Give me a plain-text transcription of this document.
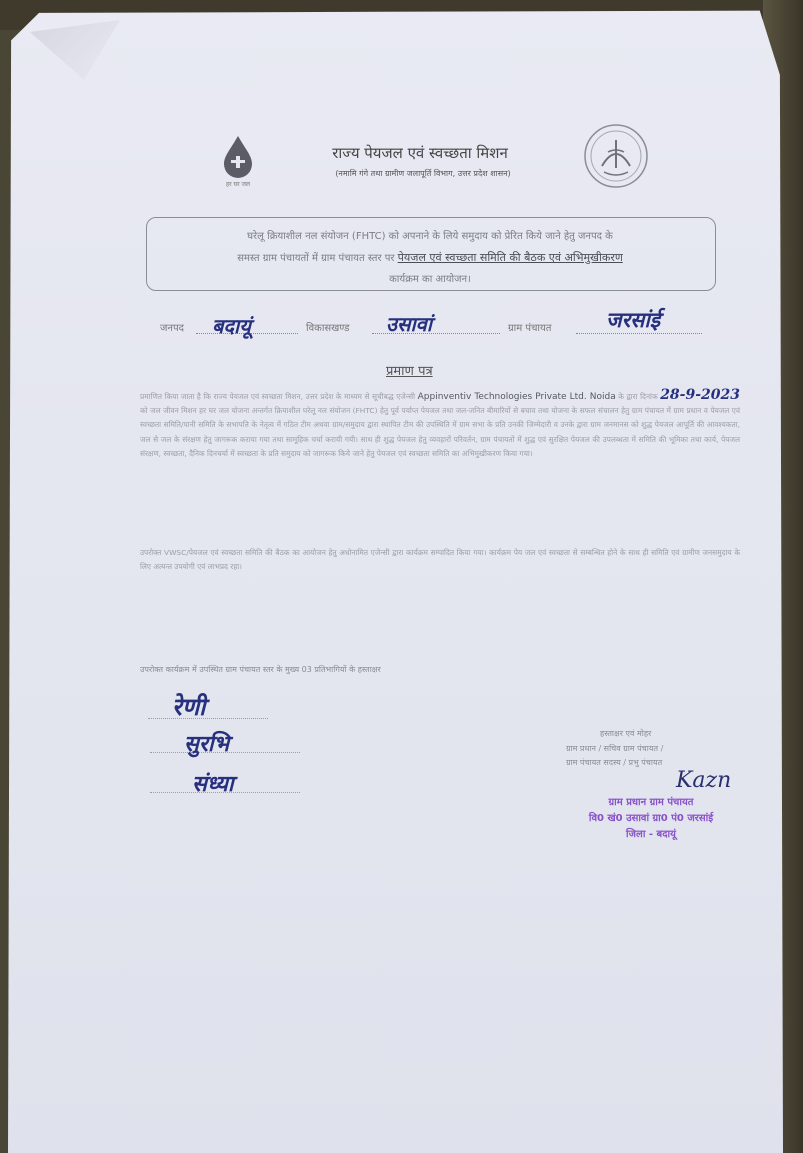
हर घर जल
राज्य पेयजल एवं स्वच्छता मिशन
(नमामि गंगे तथा ग्रामीण जलापूर्ति विभाग, उत्तर प्रदेश शासन)
घरेलू क्रियाशील नल संयोजन (FHTC) को अपनाने के लिये समुदाय को प्रेरित किये जाने हेतु जनपद के
समस्त ग्राम पंचायतों में ग्राम पंचायत स्तर पर पेयजल एवं स्वच्छता समिति की बैठक एवं अभिमुखीकरण
कार्यक्रम का आयोजन।
जनपद बदायूं	विकासखण्ड उसावां	ग्राम पंचायत	जरसांई
प्रमाण पत्र
प्रमाणित किया जाता है कि राज्य पेयजल एवं स्वच्छता मिशन, उत्तर प्रदेश के माध्यम से सूचीबद्ध एजेन्सी Appinventiv Technologies Private Ltd. Noida के द्वारा दिनांक 28-9-2023 को जल जीवन मिशन हर घर जल योजना अन्तर्गत क्रियाशील घरेलू नल संयोजन (FHTC) हेतु पूर्व पर्याप्त पेयजल तथा जल-जनित बीमारियों से बचाव तथा योजना के सफल संचालन हेतु ग्राम पंचायत में ग्राम प्रधान व पेयजल एवं स्वच्छता समिति/पानी समिति के सभापति के नेतृत्व में गठित टीम अथवा ग्राम/समुदाय द्वारा स्थापित टीम की उपस्थिति में ग्राम सभा के प्रति उनकी जिम्मेदारी व उनके द्वारा ग्राम जनमानस को शुद्ध पेयजल आपूर्ति की आवश्यकता, जल से जल के संरक्षण हेतु जागरूक कराया गया तथा सामूहिक चर्चा करायी गयी। साथ ही शुद्ध पेयजल हेतु व्यवहारों परिवर्तन, ग्राम पंचायतों में शुद्ध एवं सुरक्षित पेयजल की उपलब्धता में समिति की भूमिका तथा कार्य, पेयजल संरक्षण, स्वच्छता, दैनिक दिनचर्या में स्वच्छता के प्रति समुदाय को जागरूक किये जाने हेतु पेयजल एवं स्वच्छता समिति का अभिमुखीकरण किया गया।
उपरोक्त VWSC/पेयजल एवं स्वच्छता समिति की बैठक का आयोजन हेतु अधोनामित एजेन्सी द्वारा कार्यक्रम सम्पादित किया गया। कार्यक्रम पेय जल एवं स्वच्छता से सम्बन्धित होने के साथ ही समिति एवं ग्रामीण जनसमुदाय के लिए अत्यन्त उपयोगी एवं लाभप्रद रहा।
उपरोक्त कार्यक्रम में उपस्थित ग्राम पंचायत स्तर के मुख्य 03 प्रतिभागियों के हस्ताक्षर
रेणी
सुरभि
संध्या
हस्ताक्षर एवं मोहर
ग्राम प्रधान / सचिव ग्राम पंचायत /
ग्राम पंचायत सदस्य / प्रभु पंचायत
Kazn
ग्राम प्रधान ग्राम पंचायत
वि0 खं0 उसावां ग्रा0 पं0 जरसांई
जिला - बदायूं
